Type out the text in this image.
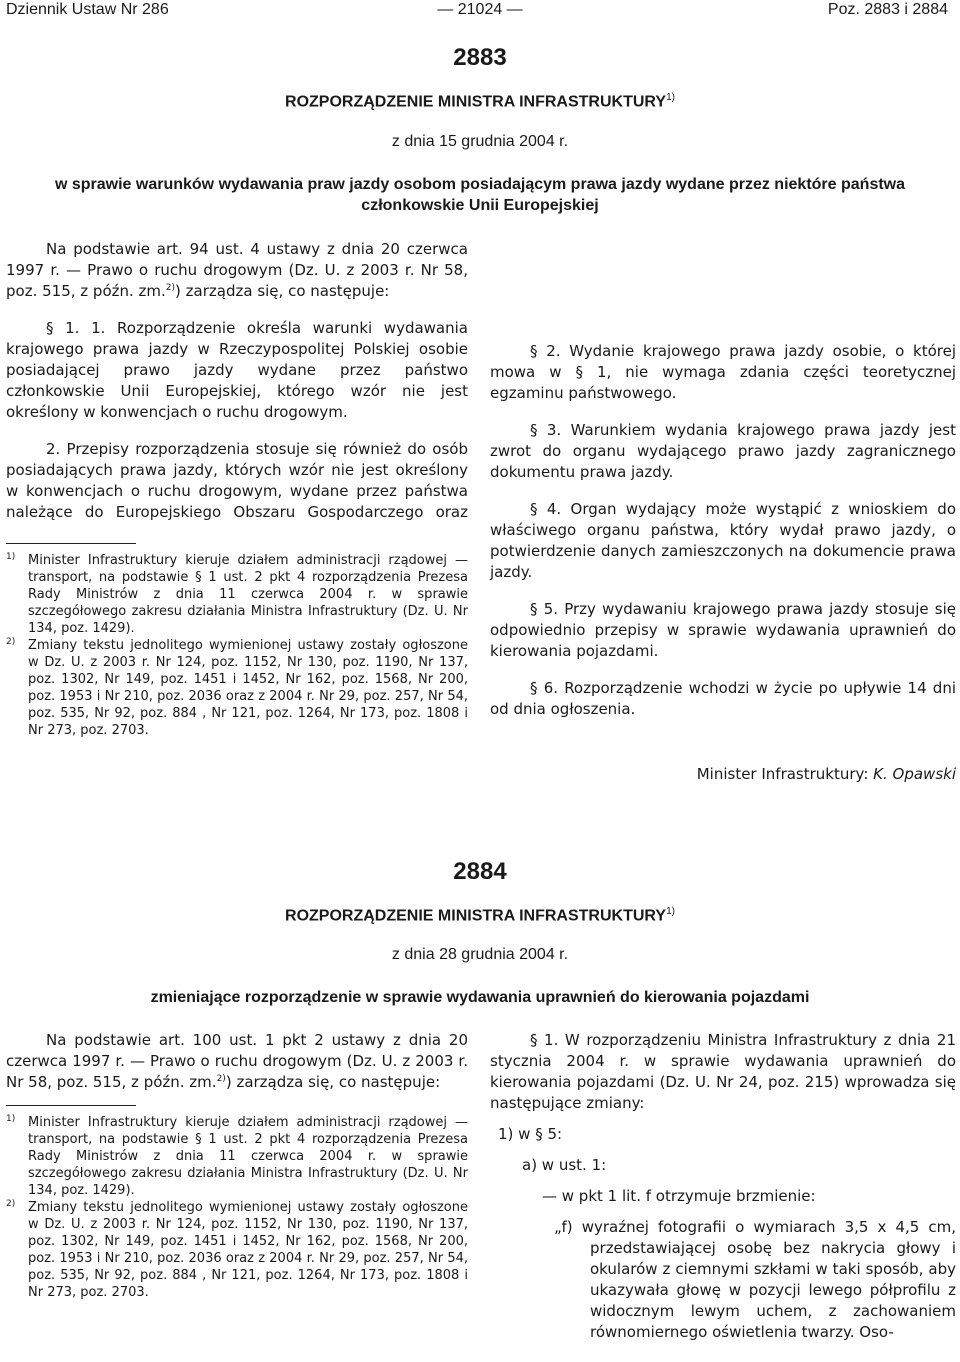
Dziennik Ustaw Nr 286	— 21024 —	Poz. 2883 i 2884
2883
ROZPORZĄDZENIE MINISTRA INFRASTRUKTURY$^{1)}$
z dnia 15 grudnia 2004 r.
w sprawie warunków wydawania praw jazdy osobom posiadającym prawa jazdy wydane przez niektóre państwa członkowskie Unii Europejskiej

Na podstawie art. 94 ust. 4 ustawy z dnia 20 czerwca 1997 r. — Prawo o ruchu drogowym (Dz. U. z 2003 r. Nr 58, poz. 515, z późn. zm.$^{2)}$) zarządza się, co następuje:

§ 1. 1. Rozporządzenie określa warunki wydawania krajowego prawa jazdy w Rzeczypospolitej Polskiej osobie posiadającej prawo jazdy wydane przez państwo członkowskie Unii Europejskiej, którego wzór nie jest określony w konwencjach o ruchu drogowym.

2. Przepisy rozporządzenia stosuje się również do osób posiadających prawa jazdy, których wzór nie jest określony w konwencjach o ruchu drogowym, wydane przez państwa należące do Europejskiego Obszaru Gospodarczego oraz

$^{1)}$ Minister Infrastruktury kieruje działem administracji rządowej — transport, na podstawie § 1 ust. 2 pkt 4 rozporządzenia Prezesa Rady Ministrów z dnia 11 czerwca 2004 r. w sprawie szczegółowego zakresu działania Ministra Infrastruktury (Dz. U. Nr 134, poz. 1429).

$^{2)}$ Zmiany tekstu jednolitego wymienionej ustawy zostały ogłoszone w Dz. U. z 2003 r. Nr 124, poz. 1152, Nr 130, poz. 1190, Nr 137, poz. 1302, Nr 149, poz. 1451 i 1452, Nr 162, poz. 1568, Nr 200, poz. 1953 i Nr 210, poz. 2036 oraz z 2004 r. Nr 29, poz. 257, Nr 54, poz. 535, Nr 92, poz. 884 , Nr 121, poz. 1264, Nr 173, poz. 1808 i Nr 273, poz. 2703.

§ 2. Wydanie krajowego prawa jazdy osobie, o której mowa w § 1, nie wymaga zdania części teoretycznej egzaminu państwowego.

§ 3. Warunkiem wydania krajowego prawa jazdy jest zwrot do organu wydającego prawo jazdy zagranicznego dokumentu prawa jazdy.

§ 4. Organ wydający może wystąpić z wnioskiem do właściwego organu państwa, który wydał prawo jazdy, o potwierdzenie danych zamieszczonych na dokumencie prawa jazdy.

§ 5. Przy wydawaniu krajowego prawa jazdy stosuje się odpowiednio przepisy w sprawie wydawania uprawnień do kierowania pojazdami.

§ 6. Rozporządzenie wchodzi w życie po upływie 14 dni od dnia ogłoszenia.

Minister Infrastruktury: K. Opawski

2884
ROZPORZĄDZENIE MINISTRA INFRASTRUKTURY$^{1)}$
z dnia 28 grudnia 2004 r.
zmieniające rozporządzenie w sprawie wydawania uprawnień do kierowania pojazdami

Na podstawie art. 100 ust. 1 pkt 2 ustawy z dnia 20 czerwca 1997 r. — Prawo o ruchu drogowym (Dz. U. z 2003 r. Nr 58, poz. 515, z późn. zm.$^{2)}$) zarządza się, co następuje:

$^{1)}$ Minister Infrastruktury kieruje działem administracji rządowej — transport, na podstawie § 1 ust. 2 pkt 4 rozporządzenia Prezesa Rady Ministrów z dnia 11 czerwca 2004 r. w sprawie szczegółowego zakresu działania Ministra Infrastruktury (Dz. U. Nr 134, poz. 1429).

$^{2)}$ Zmiany tekstu jednolitego wymienionej ustawy zostały ogłoszone w Dz. U. z 2003 r. Nr 124, poz. 1152, Nr 130, poz. 1190, Nr 137, poz. 1302, Nr 149, poz. 1451 i 1452, Nr 162, poz. 1568, Nr 200, poz. 1953 i Nr 210, poz. 2036 oraz z 2004 r. Nr 29, poz. 257, Nr 54, poz. 535, Nr 92, poz. 884 , Nr 121, poz. 1264, Nr 173, poz. 1808 i Nr 273, poz. 2703.

§ 1. W rozporządzeniu Ministra Infrastruktury z dnia 21 stycznia 2004 r. w sprawie wydawania uprawnień do kierowania pojazdami (Dz. U. Nr 24, poz. 215) wprowadza się następujące zmiany:

1) w § 5:

a) w ust. 1:

— w pkt 1 lit. f otrzymuje brzmienie:

„f) wyraźnej fotografii o wymiarach 3,5 x 4,5 cm, przedstawiającej osobę bez nakrycia głowy i okularów z ciemnymi szkłami w taki sposób, aby ukazywała głowę w pozycji lewego półprofilu z widocznym lewym uchem, z zachowaniem równomiernego oświetlenia twarzy. Oso-
